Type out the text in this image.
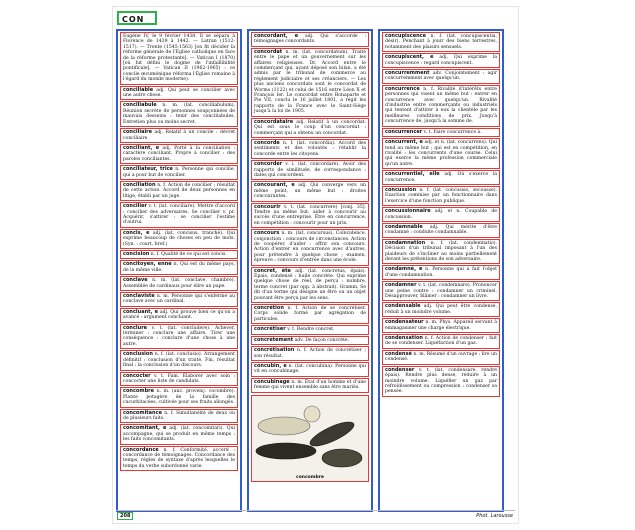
CON
Eugène IV, le 9 février 1438. Il se sépara à Florence de 1439 à 1442. — Latran (1512-1517). — Trente (1545-1563) [on fit décider la réforme générale de l'Église catholique en face de la réforme protestante]. — Vatican I (1870) [où fut défini le dogme de l'infaillibilité pontificale]. — Vatican II (1962-1965) : ce concile œcuménique réforma l'Église romaine à l'égard du monde moderne).
conciliable adj. Qui peut se concilier avec une autre chose.
conciliabule n. m. (lat. conciliabulum). Réunion secrète de personnes soupçonnées de mauvais desseins : tenir des conciliabules. Entretien plus ou moins secret.
conciliaire adj. Relatif à un concile : décret conciliaire.
conciliant, e adj. Porté à la conciliation : caractère conciliant. Propre à concilier : des paroles conciliantes.
conciliateur, trice n. Personne qui concilie, qui a pour but de concilier.
conciliation n. f. Action de concilier ; résultat de cette action. Accord de deux personnes en litige, établi par un juge.
concilier v. t. (lat. conciliare). Mettre d'accord : concilier des adversaires. Se concilier v. pr. Acquérir, s'attirer : se concilier l'estime d'autrui.
concis, e adj. (lat. concisus, tranché). Qui exprime beaucoup de choses en peu de mots. (Syn. : court, bref.)
concision n. f. Qualité de ce qui est concis.
concitoyen, enne n. Qui est du même pays, de la même ville.
conclave n. m. (lat. conclave, chambre). Assemblée de cardinaux pour élire un pape.
conclaviste n. m. Personne qui s'enferme au conclave avec un cardinal.
concluant, e adj. Qui prouve bien ce qu'on a avancé : argument concluant.
conclure v. t. (lat. concludere). Achever, terminer : conclure une affaire. Tirer une conséquence : conclure d'une chose à une autre.
conclusion n. f. (lat. conclusio). Arrangement définitif : conclusion d'un traité. Fin, résultat final : la conclusion d'un discours.
concocter v. t. Fam. Élaborer avec soin : concocter une liste de candidats.
concombre n. m. (anc. provenç. cocombre). Plante potagère de la famille des cucurbitacées, cultivée pour ses fruits allongés.
concomitance n. f. Simultanéité de deux ou de plusieurs faits.
concomitant, e adj. (lat. concomitari). Qui accompagne, qui se produit en même temps : les faits concomitants.
concordance n. f. Conformité, accord : concordance de témoignages. Concordance des temps, règles de syntaxe d'après lesquelles le temps du verbe subordonné varie.
concordant, e adj. Qui s'accorde : témoignages concordants.
concordat n. m. (lat. concordatum). Traité entre le pape et un gouvernement sur les affaires religieuses. Dr. Accord entre le commerçant qui, ayant déposé son bilan, a été admis par le tribunal de commerce au règlement judiciaire et ses créanciers. — Les plus anciens concordats sont le concordat de Worms (1122) et celui de 1516 entre Léon X et François Ier. Le concordat entre Bonaparte et Pie VII, conclu le 16 juillet 1801, a régit les rapports de la France avec le Saint-Siège jusqu'à la loi de 1905.
concordataire adj. Relatif à un concordat. Qui est sous le coup d'un concordat : commerçant qui a obtenu un concordat.
concorde n. f. (lat. concordia). Accord des sentiments et des volontés : rétablir la concorde entre les citoyens.
concorder v. i. (lat. concordare). Avoir des rapports de similitude, de correspondance : dates qui concordent.
concourant, e adj. Qui converge vers un même point, un même but : droites concourantes.
concourir v. t. (lat. concurrere) [conj. 35]. Tendre au même but, aider à concourir au succès d'une entreprise. Être en concurrence, en compétition : concourir pour un prix.
concours n. m. (lat. concursus). Coïncidence, conjonction : concours de circonstances. Action de coopérer, d'aider : offrir son concours. Action d'entrer en concurrence avec d'autres, pour prétendre à quelque chose ; examen, épreuve : concours d'entrée dans une école.
concret, ète adj. (lat. concretus, épais). Épais, condensé : huile concrète. Qui exprime quelque chose de réel, de perçu : nombre, terme concret (par opp. à abstrait). Gramm. Se dit d'un terme qui désigne un être ou un objet pouvant être perçu par les sens.
concrétion n. f. Action de se concrétiser. Corps solide formé par agrégation de particules.
concrétiser v. t. Rendre concret.
concrètement adv. De façon concrète.
concrétisation n. f. Action de concrétiser ; son résultat.
concubin, e n. (lat. concubina). Personne qui vit en concubinage.
concubinage n. m. État d'un homme et d'une femme qui vivent ensemble sans être mariés.
concombre
concupiscence n. f. (lat. concupiscentia, désir). Penchant à jouir des biens terrestres, notamment des plaisirs sensuels.
concupiscent, e adj. Qui exprime la concupiscence : regard concupiscent.
concurremment adv. Conjointement : agir concurremment avec quelqu'un.
concurrence n. f. Rivalité d'intérêts entre personnes qui visent un même but : entrer en concurrence avec quelqu'un. Rivalité d'industrie entre commerçants ou industriels qui tentent d'attirer à eux la clientèle par les meilleures conditions de prix. Jusqu'à concurrence de, jusqu'à la somme de.
concurrencer v. t. Faire concurrence à.
concurrent, e adj. et n. (lat. concurrens). Qui tend au même but ; qui est en compétition, en rivalité : les concurrents d'une course. Celui qui exerce la même profession commerciale qu'un autre.
concurrentiel, elle adj. Où s'exerce la concurrence.
concussion n. f. (lat. concussio, secousse). Exaction commise par un fonctionnaire dans l'exercice d'une fonction publique.
concussionnaire adj. et n. Coupable de concussion.
condamnable adj. Qui mérite d'être condamné : conduite condamnable.
condamnation n. f. (lat. condemnatio). Décision d'un tribunal imposant à l'un des plaideurs de s'incliner au moins partiellement devant les prétentions de son adversaire.
condamné, e n. Personne qui a fait l'objet d'une condamnation.
condamner v. t. (lat. condemnare). Prononcer une peine contre : condamner un criminel. Désapprouver, blâmer : condamner un livre.
condensable adj. Qui peut être condensé, réduit à un moindre volume.
condensateur n. m. Phys. Appareil servant à emmagasiner une charge électrique.
condensation n. f. Action de condenser ; fait de se condenser. Liquéfaction d'un gaz.
condensé n. m. Résumé d'un ouvrage : lire un condensé.
condenser v. t. (lat. condensare, rendre épais). Rendre plus dense, réduire à un moindre volume. Liquéfier un gaz par refroidissement ou compression : condenser sa pensée.
208	Phot. Larousse
